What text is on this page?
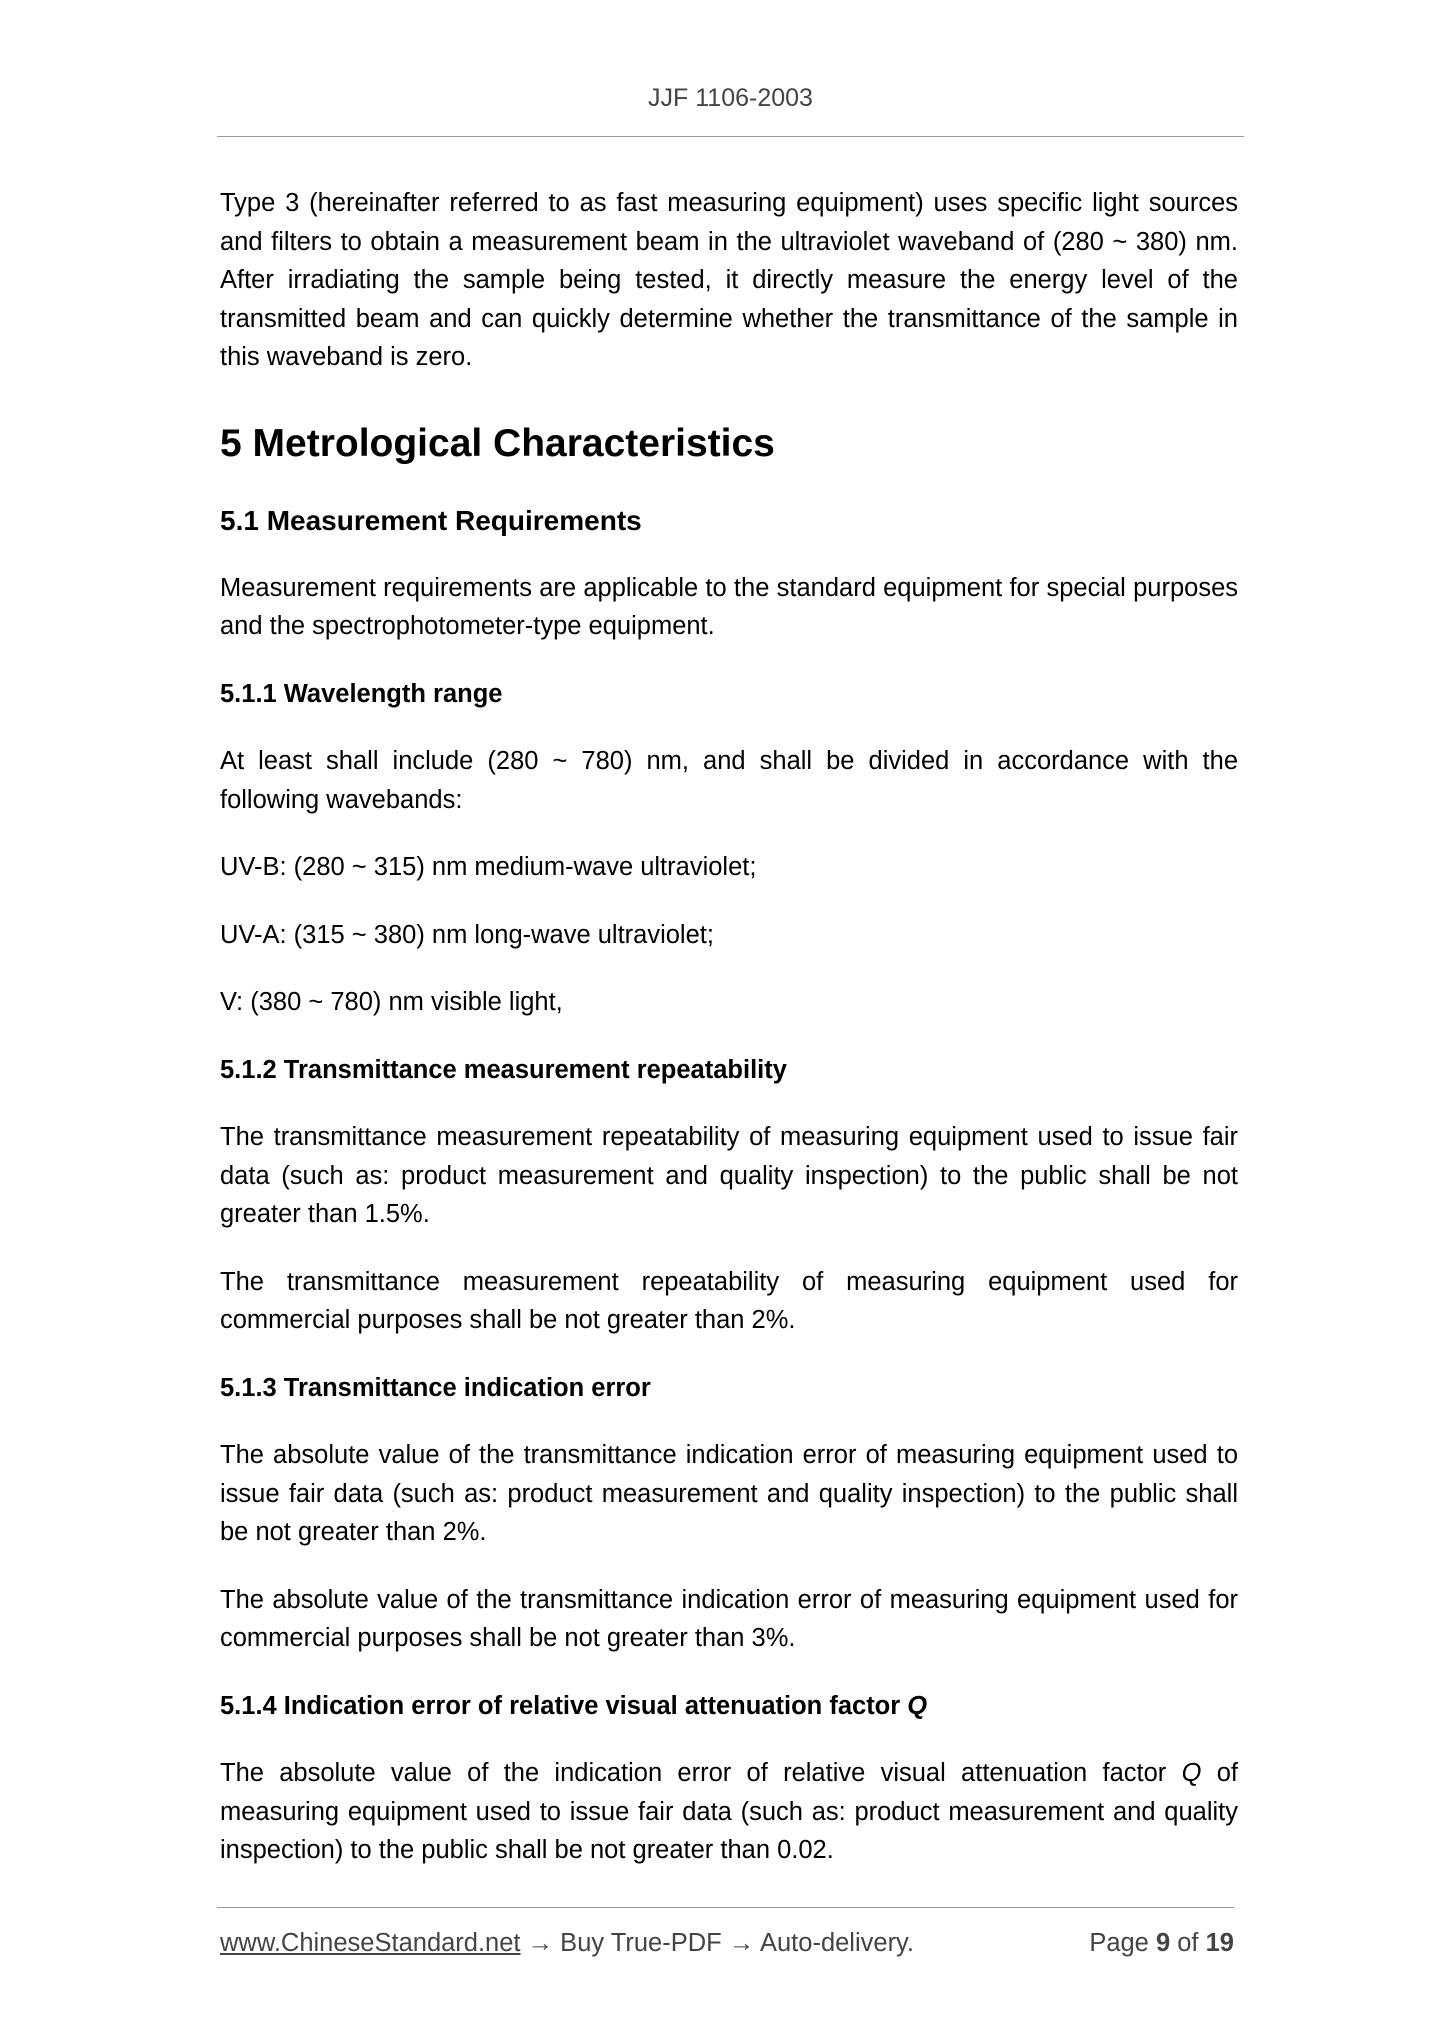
JJF 1106-2003

Type 3 (hereinafter referred to as fast measuring equipment) uses specific light sources and filters to obtain a measurement beam in the ultraviolet waveband of (280 ~ 380) nm. After irradiating the sample being tested, it directly measure the energy level of the transmitted beam and can quickly determine whether the transmittance of the sample in this waveband is zero.

5 Metrological Characteristics
5.1 Measurement Requirements

Measurement requirements are applicable to the standard equipment for special purposes and the spectrophotometer-type equipment.

5.1.1 Wavelength range

At least shall include (280 ~ 780) nm, and shall be divided in accordance with the following wavebands:

UV-B: (280 ~ 315) nm medium-wave ultraviolet;

UV-A: (315 ~ 380) nm long-wave ultraviolet;

V: (380 ~ 780) nm visible light,

5.1.2 Transmittance measurement repeatability

The transmittance measurement repeatability of measuring equipment used to issue fair data (such as: product measurement and quality inspection) to the public shall be not greater than 1.5%.

The transmittance measurement repeatability of measuring equipment used for commercial purposes shall be not greater than 2%.

5.1.3 Transmittance indication error

The absolute value of the transmittance indication error of measuring equipment used to issue fair data (such as: product measurement and quality inspection) to the public shall be not greater than 2%.

The absolute value of the transmittance indication error of measuring equipment used for commercial purposes shall be not greater than 3%.

5.1.4 Indication error of relative visual attenuation factor Q

The absolute value of the indication error of relative visual attenuation factor Q of measuring equipment used to issue fair data (such as: product measurement and quality inspection) to the public shall be not greater than 0.02.

www.ChineseStandard.net → Buy True-PDF → Auto-delivery.	Page 9 of 19
